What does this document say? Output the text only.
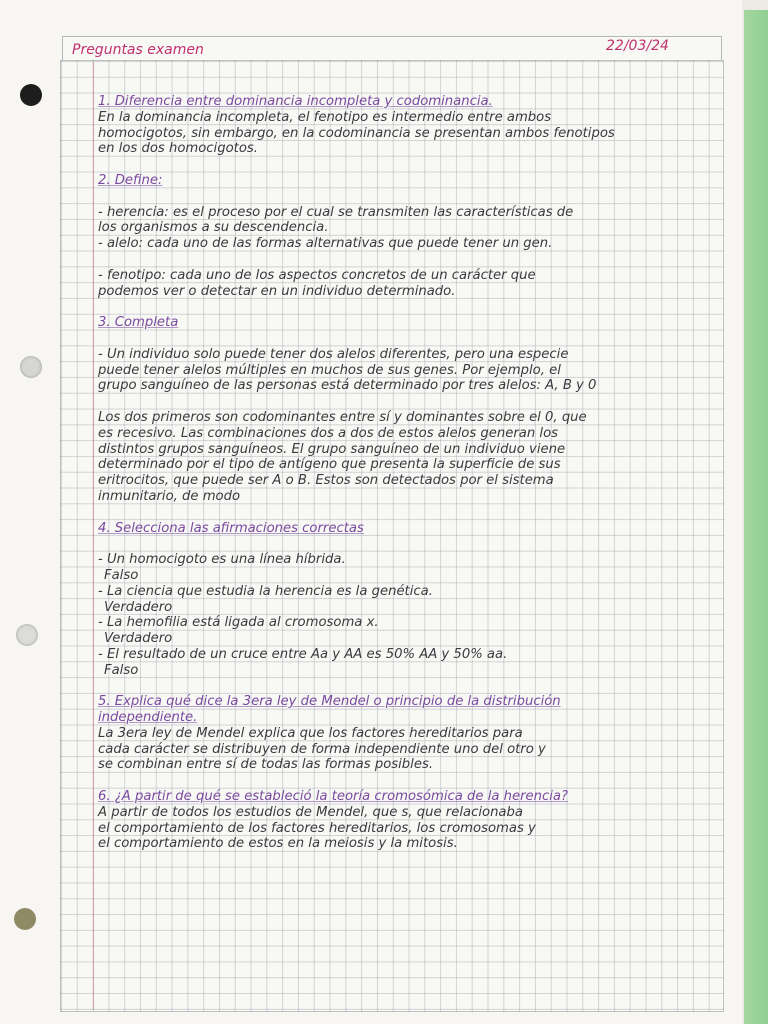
Preguntas examen	22/03/24

1. Diferencia entre dominancia incompleta y codominancia.

En la dominancia incompleta, el fenotipo es intermedio entre ambos

homocigotos, sin embargo, en la codominancia se presentan ambos fenotipos

en los dos homocigotos.

2. Define:

- herencia: es el proceso por el cual se transmiten las características de

los organismos a su descendencia.

- alelo: cada uno de las formas alternativas que puede tener un gen.

- fenotipo: cada uno de los aspectos concretos de un carácter que

podemos ver o detectar en un individuo determinado.

3. Completa

- Un individuo solo puede tener dos alelos diferentes, pero una especie

puede tener alelos múltiples en muchos de sus genes. Por ejemplo, el

grupo sanguíneo de las personas está determinado por tres alelos: A, B y 0

Los dos primeros son codominantes entre sí y dominantes sobre el 0, que

es recesivo. Las combinaciones dos a dos de estos alelos generan los

distintos grupos sanguíneos. El grupo sanguíneo de un individuo viene

determinado por el tipo de antígeno que presenta la superficie de sus

eritrocitos, que puede ser A o B. Estos son detectados por el sistema

inmunitario, de modo

4. Selecciona las afirmaciones correctas

- Un homocigoto es una línea híbrida.

Falso

- La ciencia que estudia la herencia es la genética.

Verdadero

- La hemofilia está ligada al cromosoma x.

Verdadero

- El resultado de un cruce entre Aa y AA es 50% AA y 50% aa.

Falso

5. Explica qué dice la 3era ley de Mendel o principio de la distribución

independiente.

La 3era ley de Mendel explica que los factores hereditarios para

cada carácter se distribuyen de forma independiente uno del otro y

se combinan entre sí de todas las formas posibles.

6. ¿A partir de qué se estableció la teoría cromosómica de la herencia?

A partir de todos los estudios de Mendel, que s, que relacionaba

el comportamiento de los factores hereditarios, los cromosomas y

el comportamiento de estos en la meiosis y la mitosis.
